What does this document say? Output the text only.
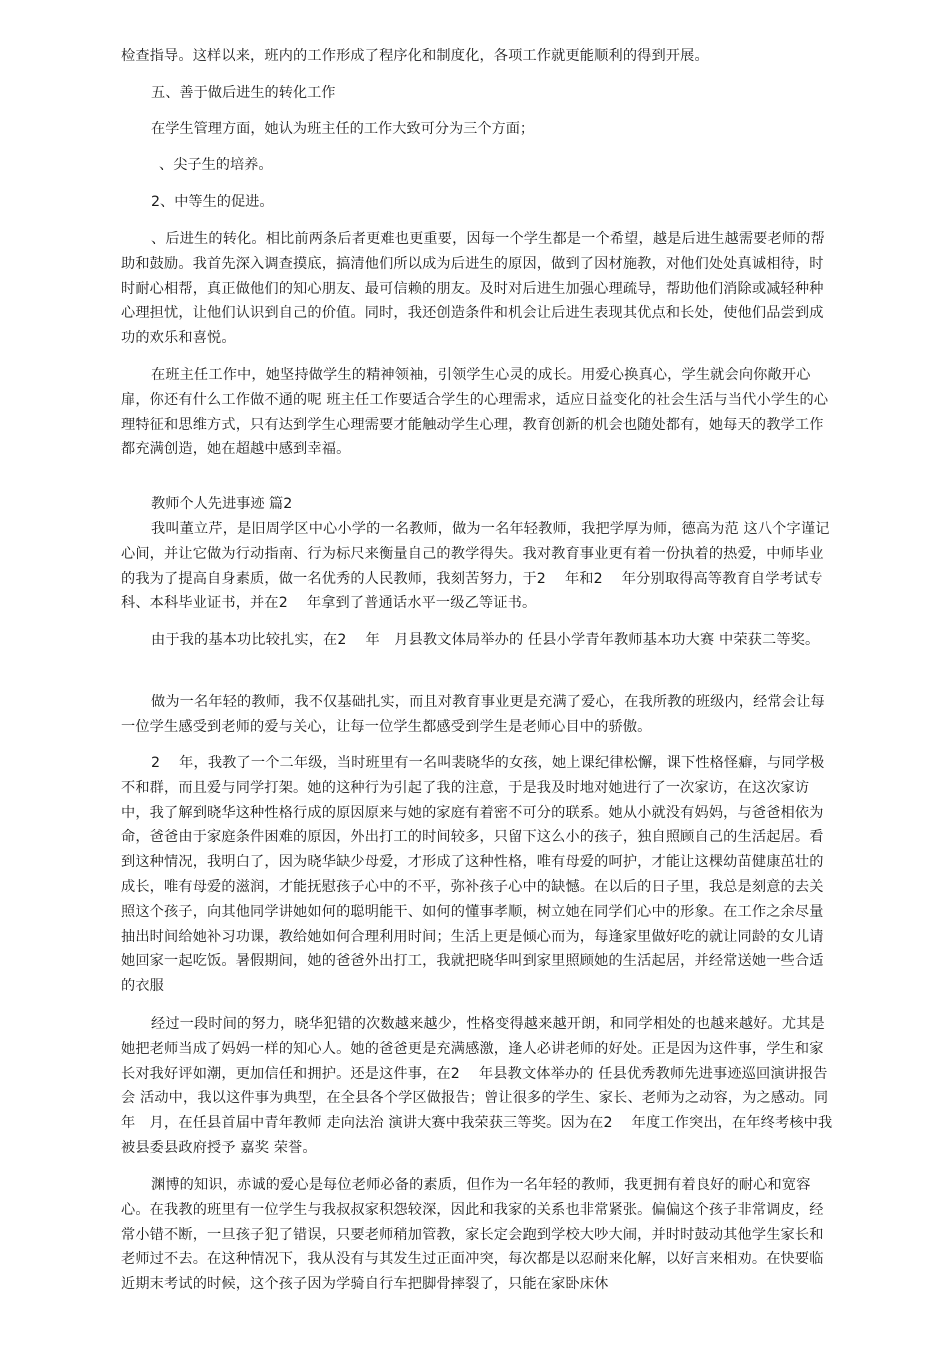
检查指导。这样以来，班内的工作形成了程序化和制度化，各项工作就更能顺利的得到开展。

五、善于做后进生的转化工作

在学生管理方面，她认为班主任的工作大致可分为三个方面；

、尖子生的培养。

2、中等生的促进。

、后进生的转化。相比前两条后者更难也更重要，因每一个学生都是一个希望，越是后进生越需要老师的帮助和鼓励。我首先深入调查摸底，搞清他们所以成为后进生的原因，做到了因材施教，对他们处处真诚相待，时时耐心相帮，真正做他们的知心朋友、最可信赖的朋友。及时对后进生加强心理疏导，帮助他们消除或减轻种种心理担忧，让他们认识到自己的价值。同时，我还创造条件和机会让后进生表现其优点和长处，使他们品尝到成功的欢乐和喜悦。

在班主任工作中，她坚持做学生的精神领袖，引领学生心灵的成长。用爱心换真心，学生就会向你敞开心扉，你还有什么工作做不通的呢 班主任工作要适合学生的心理需求，适应日益变化的社会生活与当代小学生的心理特征和思维方式，只有达到学生心理需要才能触动学生心理，教育创新的机会也随处都有，她每天的教学工作都充满创造，她在超越中感到幸福。

教师个人先进事迹 篇2

我叫董立芹，是旧周学区中心小学的一名教师，做为一名年轻教师，我把学厚为师，德高为范 这八个字谨记心间，并让它做为行动指南、行为标尺来衡量自己的教学得失。我对教育事业更有着一份执着的热爱，中师毕业的我为了提高自身素质，做一名优秀的人民教师，我刻苦努力，于2　 年和2　 年分别取得高等教育自学考试专科、本科毕业证书，并在2　 年拿到了普通话水平一级乙等证书。

由于我的基本功比较扎实，在2　 年　月县教文体局举办的 任县小学青年教师基本功大赛 中荣获二等奖。

做为一名年轻的教师，我不仅基础扎实，而且对教育事业更是充满了爱心，在我所教的班级内，经常会让每一位学生感受到老师的爱与关心，让每一位学生都感受到学生是老师心目中的骄傲。

2　 年，我教了一个二年级，当时班里有一名叫裴晓华的女孩，她上课纪律松懈，课下性格怪癖，与同学极不和群，而且爱与同学打架。她的这种行为引起了我的注意，于是我及时地对她进行了一次家访，在这次家访中，我了解到晓华这种性格行成的原因原来与她的家庭有着密不可分的联系。她从小就没有妈妈，与爸爸相依为命，爸爸由于家庭条件困难的原因，外出打工的时间较多，只留下这么小的孩子，独自照顾自己的生活起居。看到这种情况，我明白了，因为晓华缺少母爱，才形成了这种性格，唯有母爱的呵护，才能让这棵幼苗健康茁壮的成长，唯有母爱的滋润，才能抚慰孩子心中的不平，弥补孩子心中的缺憾。在以后的日子里，我总是刻意的去关照这个孩子，向其他同学讲她如何的聪明能干、如何的懂事孝顺，树立她在同学们心中的形象。在工作之余尽量抽出时间给她补习功课，教给她如何合理利用时间；生活上更是倾心而为，每逢家里做好吃的就让同龄的女儿请她回家一起吃饭。暑假期间，她的爸爸外出打工，我就把晓华叫到家里照顾她的生活起居，并经常送她一些合适的衣服

经过一段时间的努力，晓华犯错的次数越来越少，性格变得越来越开朗，和同学相处的也越来越好。尤其是她把老师当成了妈妈一样的知心人。她的爸爸更是充满感激，逢人必讲老师的好处。正是因为这件事，学生和家长对我好评如潮，更加信任和拥护。还是这件事，在2　 年县教文体举办的 任县优秀教师先进事迹巡回演讲报告会 活动中，我以这件事为典型，在全县各个学区做报告；曾让很多的学生、家长、老师为之动容，为之感动。同年　月，在任县首届中青年教师 走向法治 演讲大赛中我荣获三等奖。因为在2　 年度工作突出，在年终考核中我被县委县政府授予 嘉奖 荣誉。

渊博的知识，赤诚的爱心是每位老师必备的素质，但作为一名年轻的教师，我更拥有着良好的耐心和宽容心。在我教的班里有一位学生与我叔叔家积怨较深，因此和我家的关系也非常紧张。偏偏这个孩子非常调皮，经常小错不断，一旦孩子犯了错误，只要老师稍加管教，家长定会跑到学校大吵大闹，并时时鼓动其他学生家长和老师过不去。在这种情况下，我从没有与其发生过正面冲突，每次都是以忍耐来化解，以好言来相劝。在快要临近期末考试的时候，这个孩子因为学骑自行车把脚骨摔裂了，只能在家卧床休
